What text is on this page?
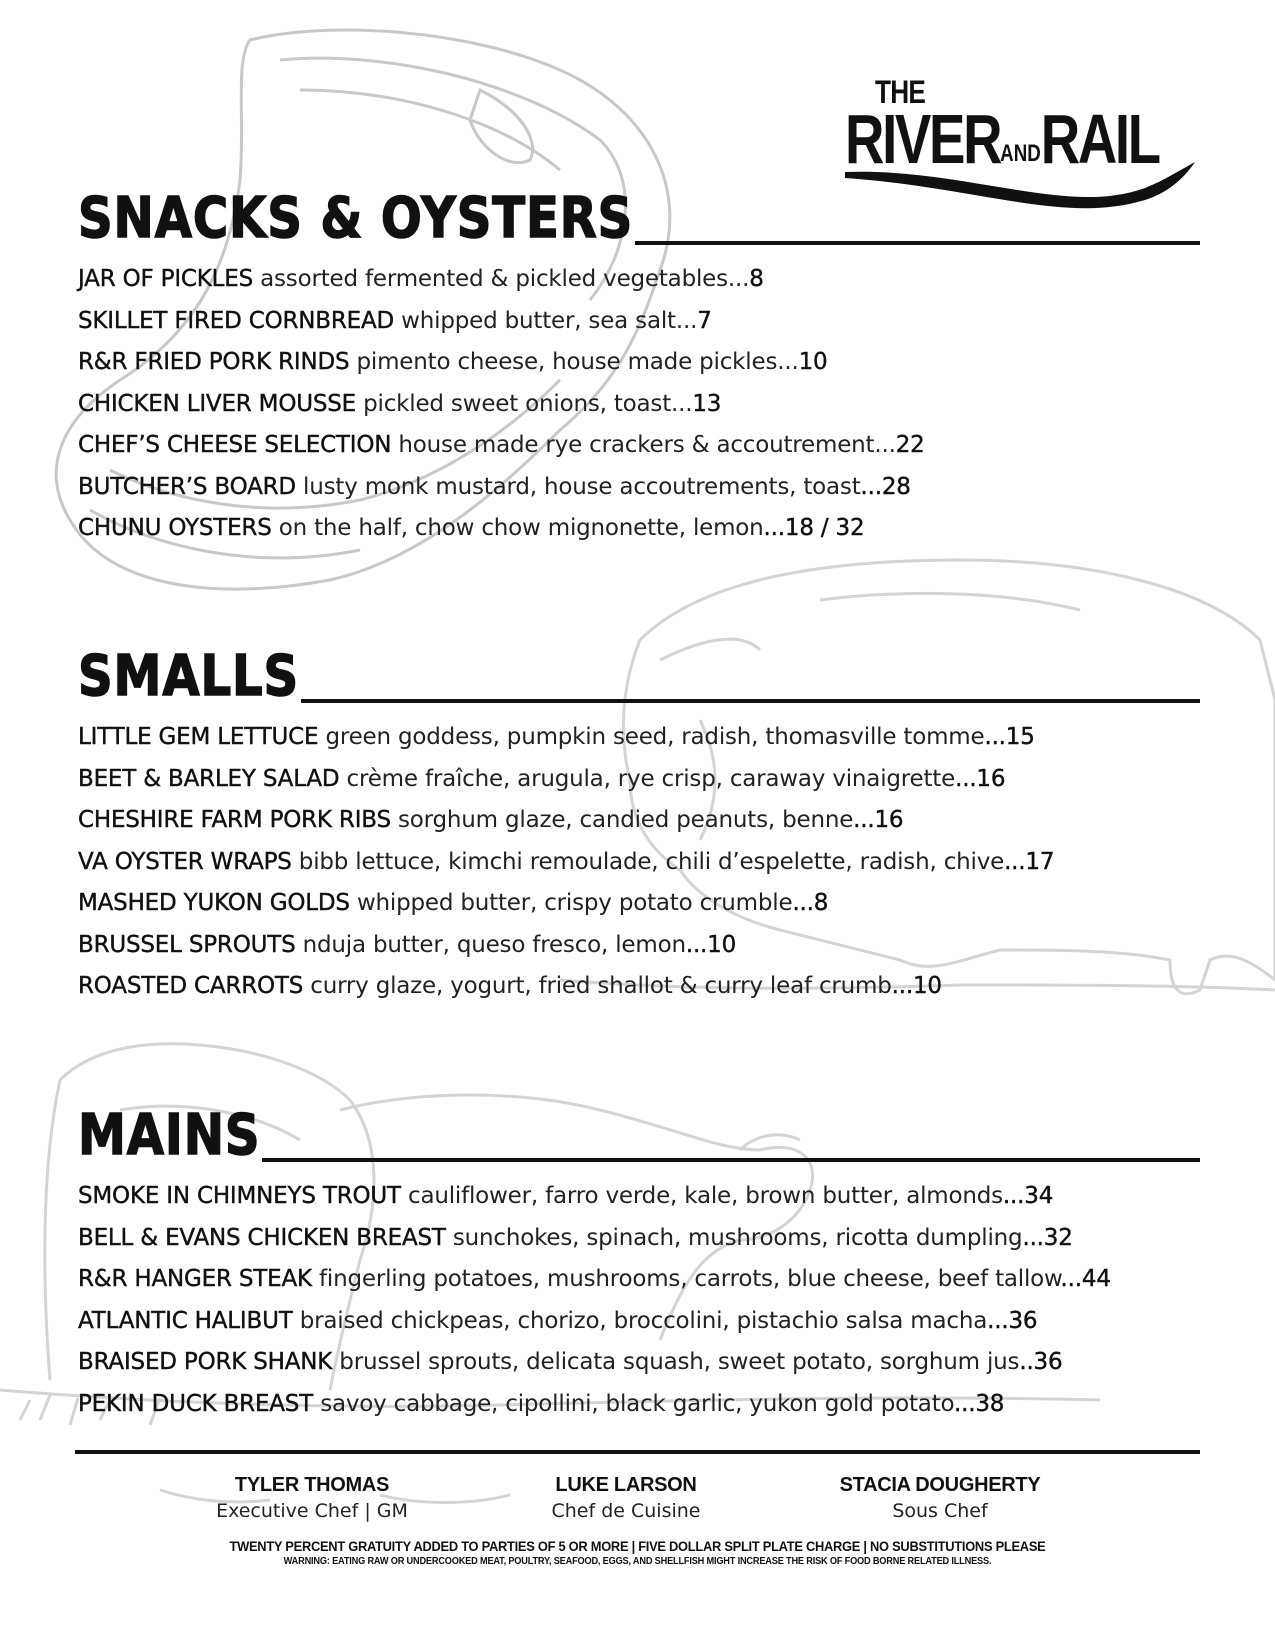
THE
RIVERANDRAIL
SNACKS & OYSTERS
JAR OF PICKLES assorted fermented & pickled vegetables...8
SKILLET FIRED CORNBREAD whipped butter, sea salt...7
R&R FRIED PORK RINDS pimento cheese, house made pickles...10
CHICKEN LIVER MOUSSE pickled sweet onions, toast...13
CHEF’S CHEESE SELECTION house made rye crackers & accoutrement...22
BUTCHER’S BOARD lusty monk mustard, house accoutrements, toast...28
CHUNU OYSTERS on the half, chow chow mignonette, lemon...18 / 32
SMALLS
LITTLE GEM LETTUCE green goddess, pumpkin seed, radish, thomasville tomme...15
BEET & BARLEY SALAD crème fraîche, arugula, rye crisp, caraway vinaigrette...16
CHESHIRE FARM PORK RIBS sorghum glaze, candied peanuts, benne...16
VA OYSTER WRAPS bibb lettuce, kimchi remoulade, chili d’espelette, radish, chive...17
MASHED YUKON GOLDS whipped butter, crispy potato crumble...8
BRUSSEL SPROUTS nduja butter, queso fresco, lemon...10
ROASTED CARROTS curry glaze, yogurt, fried shallot & curry leaf crumb...10
MAINS
SMOKE IN CHIMNEYS TROUT cauliflower, farro verde, kale, brown butter, almonds...34
BELL & EVANS CHICKEN BREAST sunchokes, spinach, mushrooms, ricotta dumpling...32
R&R HANGER STEAK fingerling potatoes, mushrooms, carrots, blue cheese, beef tallow...44
ATLANTIC HALIBUT braised chickpeas, chorizo, broccolini, pistachio salsa macha...36
BRAISED PORK SHANK brussel sprouts, delicata squash, sweet potato, sorghum jus..36
PEKIN DUCK BREAST savoy cabbage, cipollini, black garlic, yukon gold potato...38
TYLER THOMAS
Executive Chef | GM
LUKE LARSON
Chef de Cuisine
STACIA DOUGHERTY
Sous Chef
TWENTY PERCENT GRATUITY ADDED TO PARTIES OF 5 OR MORE | FIVE DOLLAR SPLIT PLATE CHARGE | NO SUBSTITUTIONS PLEASE
WARNING: EATING RAW OR UNDERCOOKED MEAT, POULTRY, SEAFOOD, EGGS, AND SHELLFISH MIGHT INCREASE THE RISK OF FOOD BORNE RELATED ILLNESS.
